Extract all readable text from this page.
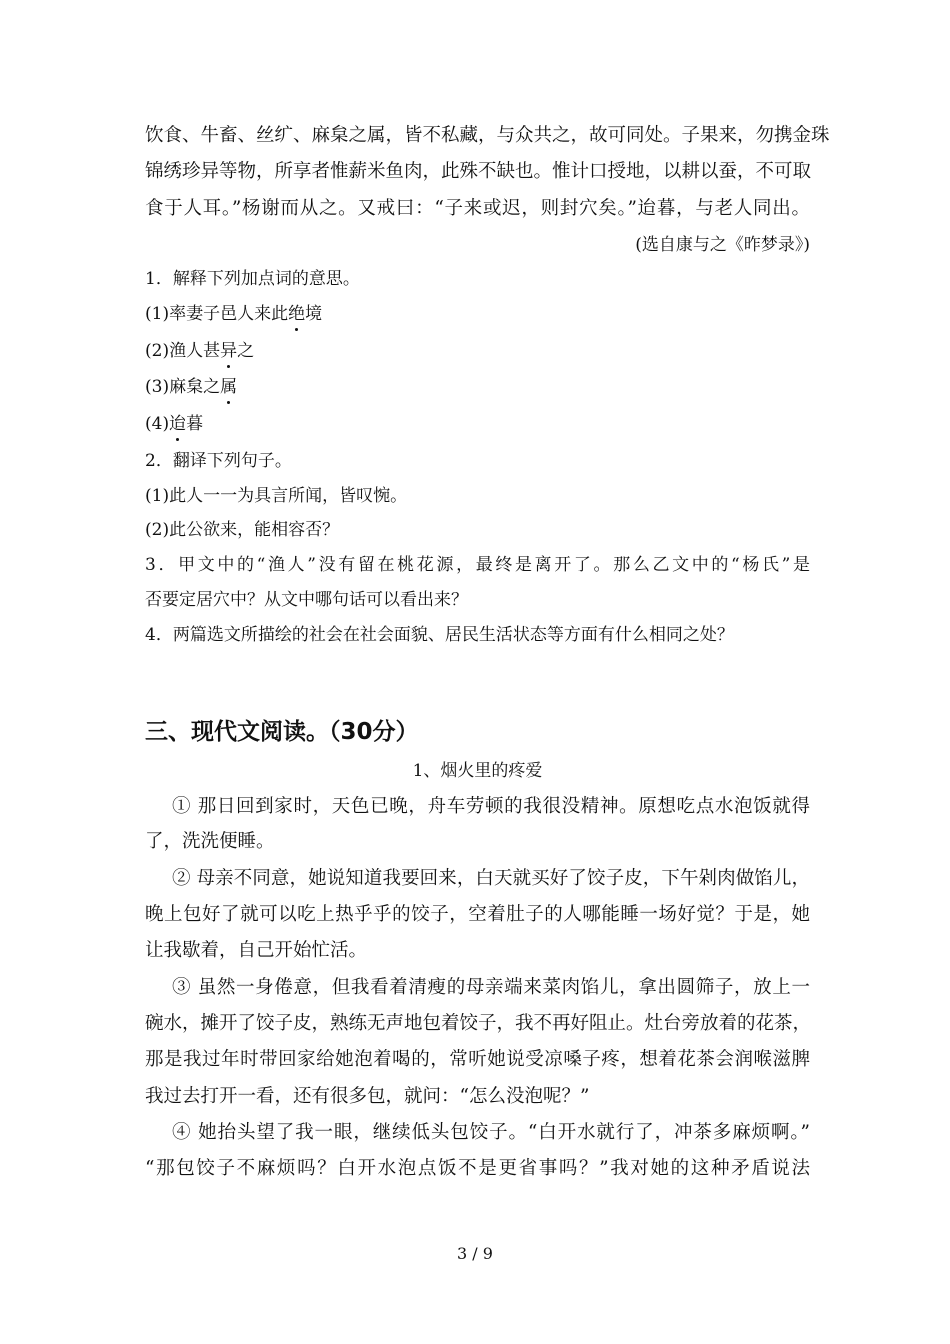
饮食、牛畜、丝纩、麻枲之属，皆不私藏，与众共之，故可同处。子果来，勿携金珠
锦绣珍异等物，所享者惟薪米鱼肉，此殊不缺也。惟计口授地，以耕以蚕，不可取
食于人耳。”杨谢而从之。又戒曰：“子来或迟，则封穴矣。”迨暮，与老人同出。
(选自康与之《昨梦录》)
1．解释下列加点词的意思。
(1)率妻子邑人来此绝境
(2)渔人甚异之
(3)麻枲之属
(4)迨暮
2．翻译下列句子。
(1)此人一一为具言所闻，皆叹惋。
(2)此公欲来，能相容否？
3．甲文中的“渔人”没有留在桃花源，最终是离开了。那么乙文中的“杨氏”是
否要定居穴中？从文中哪句话可以看出来？
4．两篇选文所描绘的社会在社会面貌、居民生活状态等方面有什么相同之处？
三、现代文阅读。（30分）
1、烟火里的疼爱
① 那日回到家时，天色已晚，舟车劳顿的我很没精神。原想吃点水泡饭就得
了，洗洗便睡。
② 母亲不同意，她说知道我要回来，白天就买好了饺子皮，下午剁肉做馅儿，
晚上包好了就可以吃上热乎乎的饺子，空着肚子的人哪能睡一场好觉？于是，她
让我歇着，自己开始忙活。
③ 虽然一身倦意，但我看着清瘦的母亲端来菜肉馅儿，拿出圆筛子，放上一
碗水，摊开了饺子皮，熟练无声地包着饺子，我不再好阻止。灶台旁放着的花茶，
那是我过年时带回家给她泡着喝的，常听她说受凉嗓子疼，想着花茶会润喉滋脾
我过去打开一看，还有很多包，就问：“怎么没泡呢？”
④ 她抬头望了我一眼，继续低头包饺子。“白开水就行了，冲茶多麻烦啊。”
“那包饺子不麻烦吗？白开水泡点饭不是更省事吗？”我对她的这种矛盾说法
3 / 9
